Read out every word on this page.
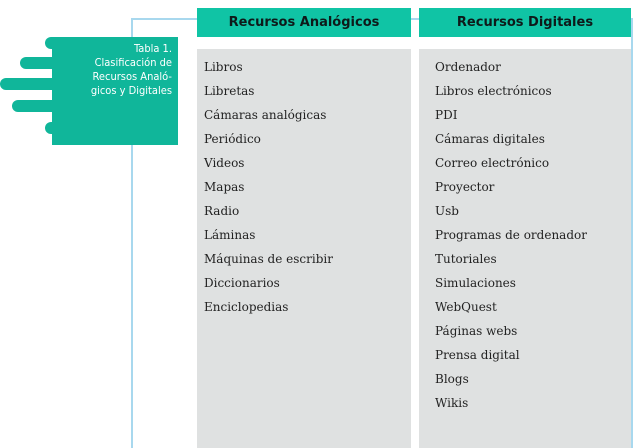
Tabla 1.
Clasificación de
Recursos Analó-
gicos y Digitales
Recursos Analógicos	Recursos Digitales
Libros
Libretas
Cámaras analógicas
Periódico
Videos
Mapas
Radio
Láminas
Máquinas de escribir
Diccionarios
Enciclopedias
Ordenador
Libros electrónicos
PDI
Cámaras digitales
Correo electrónico
Proyector
Usb
Programas de ordenador
Tutoriales
Simulaciones
WebQuest
Páginas webs
Prensa digital
Blogs
Wikis
